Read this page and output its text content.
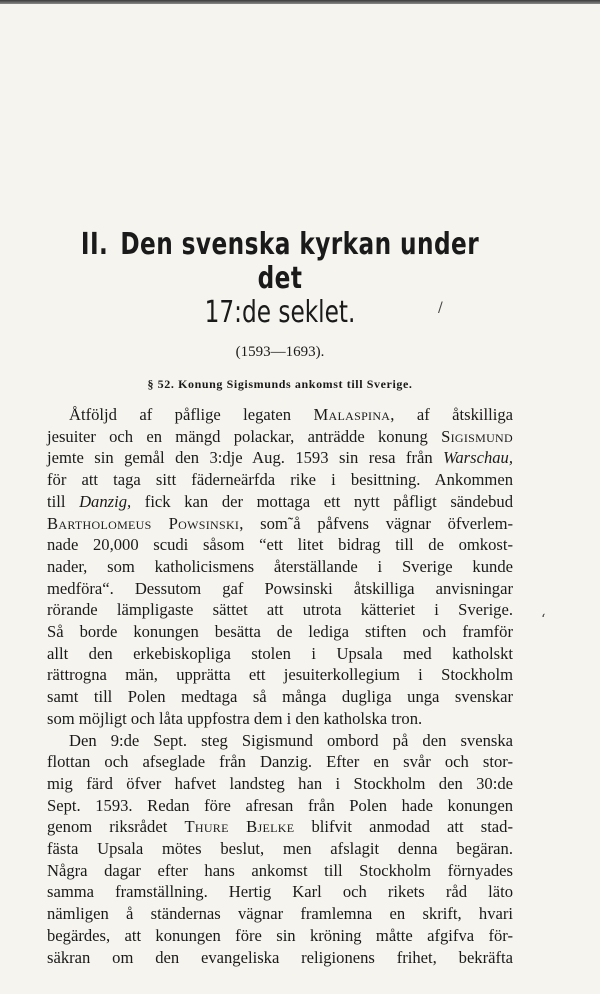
II. Den svenska kyrkan under det
17:de seklet.
(1593—1693).
§ 52. Konung Sigismunds ankomst till Sverige.
Åtföljd af påflige legaten Malaspina, af åtskilliga
jesuiter och en mängd polackar, anträdde konung Sigismund
jemte sin gemål den 3:dje Aug. 1593 sin resa från Warschau,
för att taga sitt fäderneärfda rike i besittning. Ankommen
till Danzig, fick kan der mottaga ett nytt påfligt sändebud
Bartholomeus Powsinski, som˜å påfvens vägnar öfverlem-
nade 20,000 scudi såsom “ett litet bidrag till de omkost-
nader, som katholicismens återställande i Sverige kunde
medföra“. Dessutom gaf Powsinski åtskilliga anvisningar
rörande lämpligaste sättet att utrota kätteriet i Sverige.
Så borde konungen besätta de lediga stiften och framför
allt den erkebiskopliga stolen i Upsala med katholskt
rättrogna män, upprätta ett jesuiterkollegium i Stockholm
samt till Polen medtaga så många dugliga unga svenskar
som möjligt och låta uppfostra dem i den katholska tron.
Den 9:de Sept. steg Sigismund ombord på den svenska
flottan och afseglade från Danzig. Efter en svår och stor-
mig färd öfver hafvet landsteg han i Stockholm den 30:de
Sept. 1593. Redan före afresan från Polen hade konungen
genom riksrådet Thure Bjelke blifvit anmodad att stad-
fästa Upsala mötes beslut, men afslagit denna begäran.
Några dagar efter hans ankomst till Stockholm förnyades
samma framställning. Hertig Karl och rikets råd läto
nämligen å ständernas vägnar framlemna en skrift, hvari
begärdes, att konungen före sin kröning måtte afgifva för-
säkran om den evangeliska religionens frihet, bekräfta
/
‘
